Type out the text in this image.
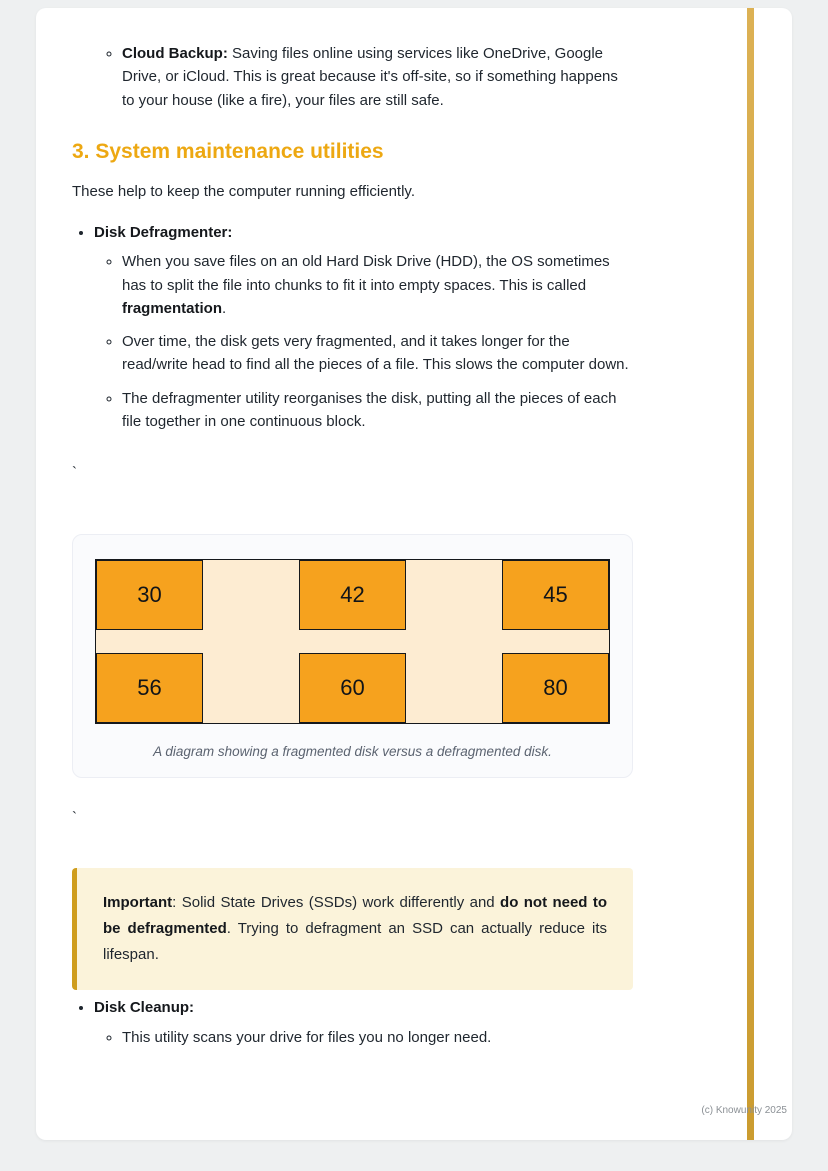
◦ Cloud Backup: Saving files online using services like OneDrive, Google Drive, or iCloud. This is great because it's off-site, so if something happens to your house (like a fire), your files are still safe.
3. System maintenance utilities

These help to keep the computer running efficiently.

• Disk Defragmenter:
◦ When you save files on an old Hard Disk Drive (HDD), the OS sometimes has to split the file into chunks to fit it into empty spaces. This is called fragmentation.
◦ Over time, the disk gets very fragmented, and it takes longer for the read/write head to find all the pieces of a file. This slows the computer down.
◦ The defragmenter utility reorganises the disk, putting all the pieces of each file together in one continuous block.

`

30	42	45
56	60	80
A diagram showing a fragmented disk versus a defragmented disk.

`

Important: Solid State Drives (SSDs) work differently and do not need to be defragmented. Trying to defragment an SSD can actually reduce its lifespan.

• Disk Cleanup:
◦ This utility scans your drive for files you no longer need.
(c) Knowunity 2025
